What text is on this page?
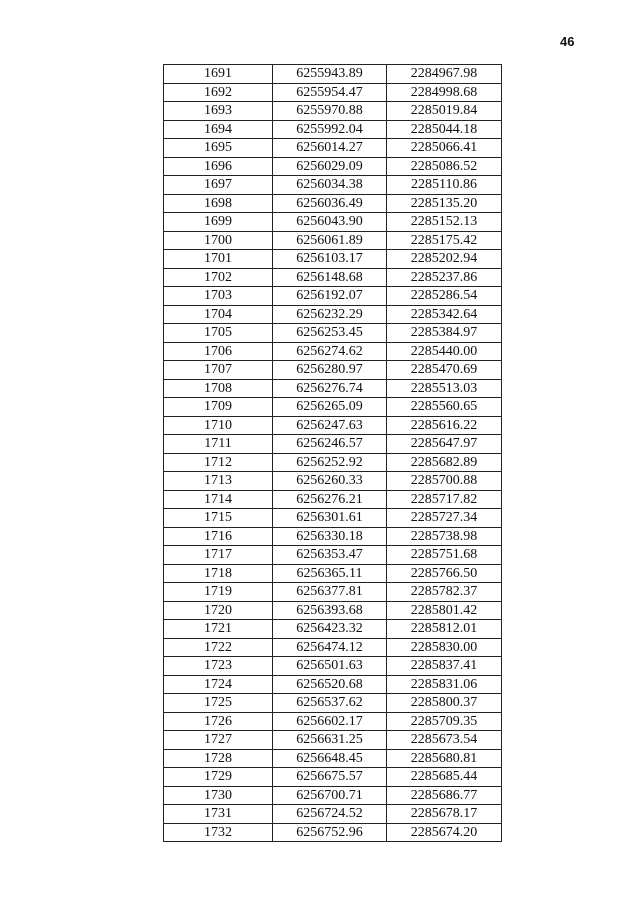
46
1691	6255943.89	2284967.98
1692	6255954.47	2284998.68
1693	6255970.88	2285019.84
1694	6255992.04	2285044.18
1695	6256014.27	2285066.41
1696	6256029.09	2285086.52
1697	6256034.38	2285110.86
1698	6256036.49	2285135.20
1699	6256043.90	2285152.13
1700	6256061.89	2285175.42
1701	6256103.17	2285202.94
1702	6256148.68	2285237.86
1703	6256192.07	2285286.54
1704	6256232.29	2285342.64
1705	6256253.45	2285384.97
1706	6256274.62	2285440.00
1707	6256280.97	2285470.69
1708	6256276.74	2285513.03
1709	6256265.09	2285560.65
1710	6256247.63	2285616.22
1711	6256246.57	2285647.97
1712	6256252.92	2285682.89
1713	6256260.33	2285700.88
1714	6256276.21	2285717.82
1715	6256301.61	2285727.34
1716	6256330.18	2285738.98
1717	6256353.47	2285751.68
1718	6256365.11	2285766.50
1719	6256377.81	2285782.37
1720	6256393.68	2285801.42
1721	6256423.32	2285812.01
1722	6256474.12	2285830.00
1723	6256501.63	2285837.41
1724	6256520.68	2285831.06
1725	6256537.62	2285800.37
1726	6256602.17	2285709.35
1727	6256631.25	2285673.54
1728	6256648.45	2285680.81
1729	6256675.57	2285685.44
1730	6256700.71	2285686.77
1731	6256724.52	2285678.17
1732	6256752.96	2285674.20
